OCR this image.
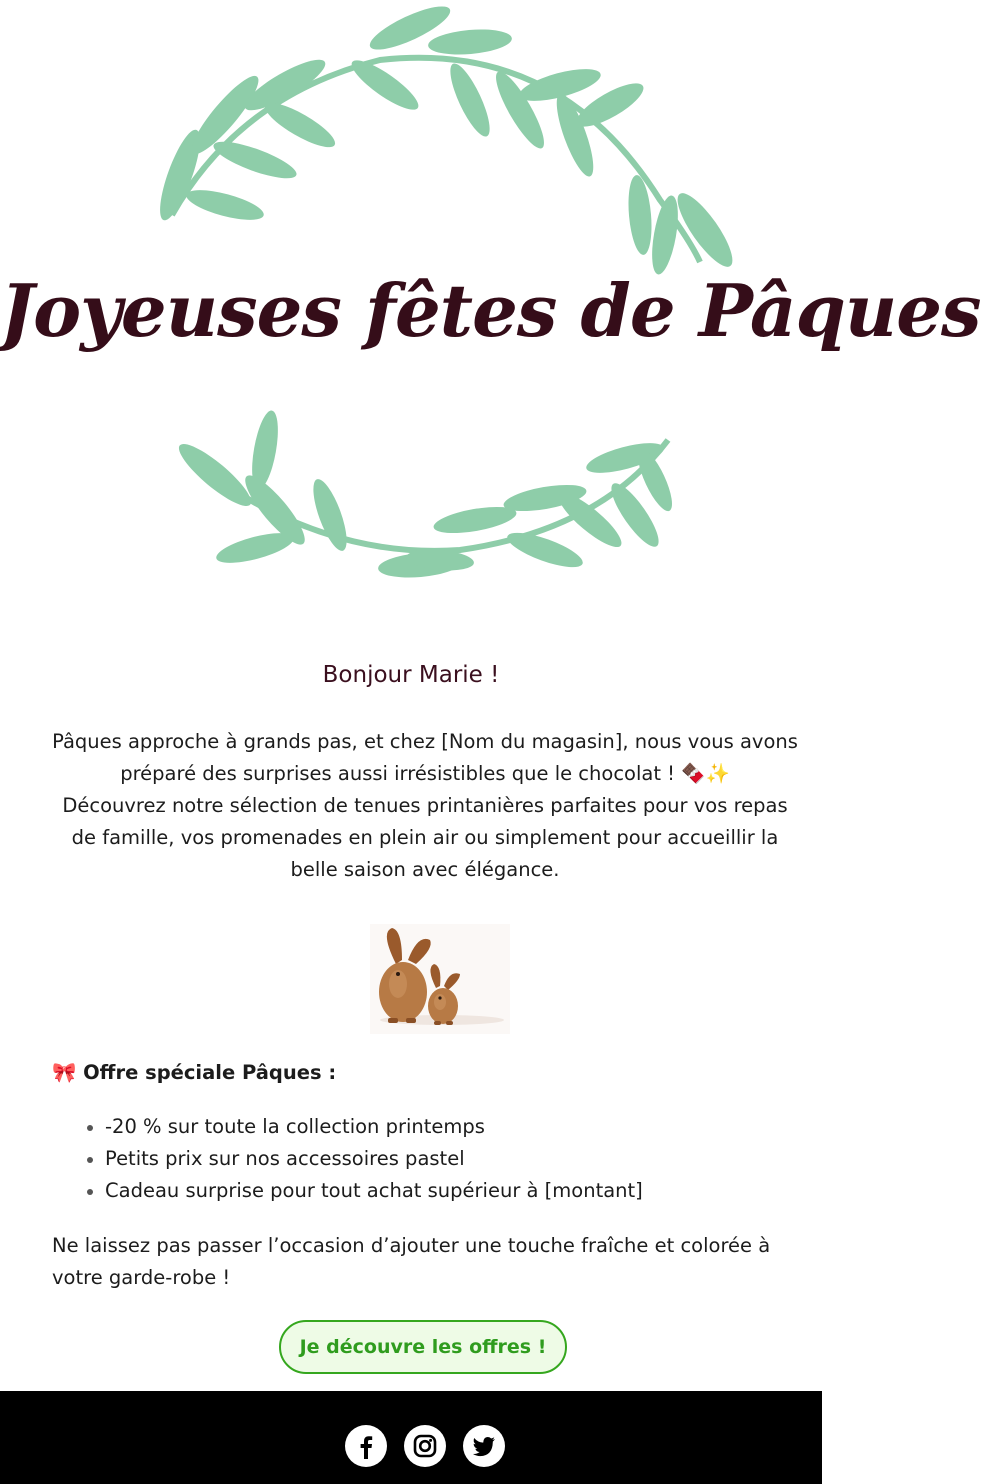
Joyeuses fêtes de Pâques
Bonjour Marie !

Pâques approche à grands pas, et chez [Nom du magasin], nous vous avons préparé des surprises aussi irrésistibles que le chocolat ! 🍫✨
Découvrez notre sélection de tenues printanières parfaites pour vos repas de famille, vos promenades en plein air ou simplement pour accueillir la belle saison avec élégance.

🎀 Offre spéciale Pâques :
-20 % sur toute la collection printemps
Petits prix sur nos accessoires pastel
Cadeau surprise pour tout achat supérieur à [montant]

Ne laissez pas passer l’occasion d’ajouter une touche fraîche et colorée à votre garde-robe !

Je découvre les offres !
